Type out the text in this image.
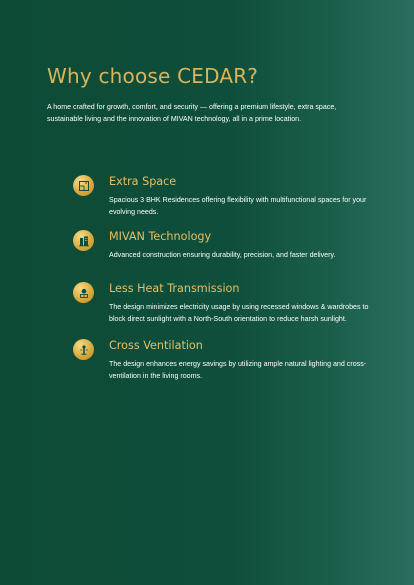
Why choose CEDAR?

A home crafted for growth, comfort, and security — offering a premium lifestyle, extra space, sustainable living and the innovation of MIVAN technology, all in a prime location.

Extra Space

Spacious 3 BHK Residences offering flexibility with multifunctional spaces for your evolving needs.

MIVAN Technology

Advanced construction ensuring durability, precision, and faster delivery.

Less Heat Transmission

The design minimizes electricity usage by using recessed windows & wardrobes to block direct sunlight with a North-South orientation to reduce harsh sunlight.

Cross Ventilation

The design enhances energy savings by utilizing ample natural lighting and cross-ventilation in the living rooms.
